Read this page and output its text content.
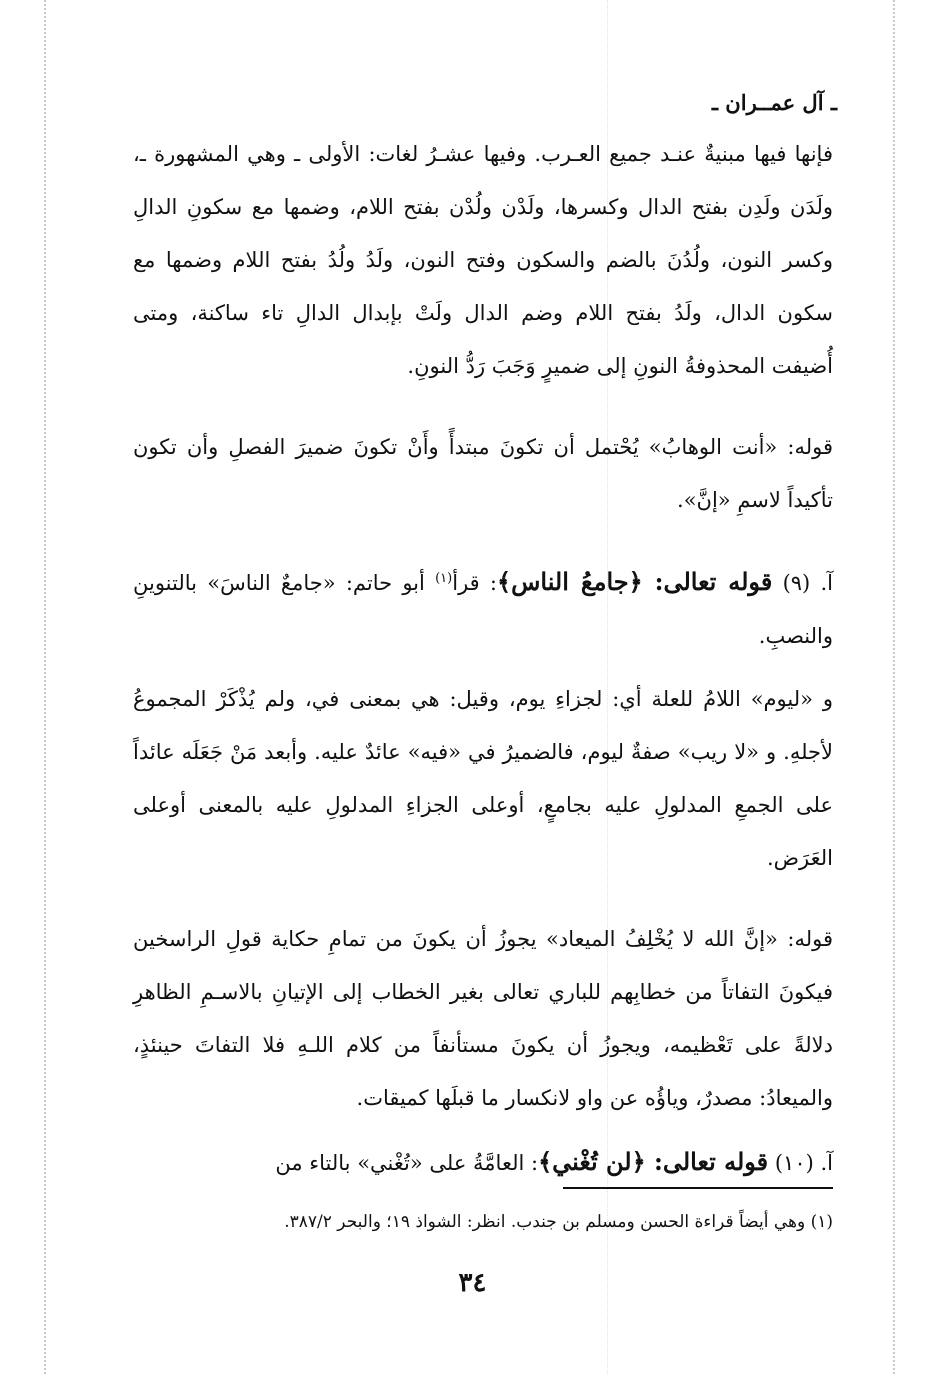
ـ آل عمــران ـ

فإنها فيها مبنيةٌ عنـد جميع العـرب. وفيها عشـرُ لغات: الأولى ـ وهي المشهورة ـ، ولَدَن ولَدِن بفتح الدال وكسرها، ولَدْن ولُدْن بفتح اللام، وضمها مع سكونِ الدالِ وكسر النون، ولُدُنَ بالضم والسكون وفتح النون، ولَدُ ولُدُ بفتح اللام وضمها مع سكون الدال، ولَدُ بفتح اللام وضم الدال ولَتْ بإبدال الدالِ تاء ساكنة، ومتى أُضيفت المحذوفةُ النونِ إلى ضميرٍ وَجَبَ رَدُّ النونِ.

قوله: «أنت الوهابُ» يُحْتمل أن تكونَ مبتدأً وأَنْ تكونَ ضميرَ الفصلِ وأن تكون تأكيداً لاسمِ «إنَّ».

آ. (٩) قوله تعالى: ﴿جامعُ الناس﴾: قرأ$^{(١)}$ أبو حاتم: «جامعٌ الناسَ» بالتنوينِ والنصبِ.

و «ليوم» اللامُ للعلة أي: لجزاءِ يوم، وقيل: هي بمعنى في، ولم يُذْكَرْ المجموعُ لأجلهِ. و «لا ريب» صفةٌ ليوم، فالضميرُ في «فيه» عائدٌ عليه. وأبعد مَنْ جَعَلَه عائداً على الجمعِ المدلولِ عليه بجامعٍ، أوعلى الجزاءِ المدلولِ عليه بالمعنى أوعلى العَرَض.

قوله: «إنَّ الله لا يُخْلِفُ الميعاد» يجوزُ أن يكونَ من تمامِ حكاية قولِ الراسخين فيكونَ التفاتاً من خطابِهم للباري تعالى بغير الخطاب إلى الإتيانِ بالاسـمِ الظاهرِ دلالةً على تَعْظيمه، ويجوزُ أن يكونَ مستأنفاً من كلام اللـهِ فلا التفاتَ حينئذٍ، والميعادُ: مصدرٌ، وياؤُه عن واو لانكسار ما قبلَها كميقات.

آ. (١٠) قوله تعالى: ﴿لن تُغْني﴾: العامَّةُ على «تُغْني» بالتاء من

(١) وهي أيضاً قراءة الحسن ومسلم بن جندب. انظر: الشواذ ١٩؛ والبحر ٣٨٧/٢.
٣٤
